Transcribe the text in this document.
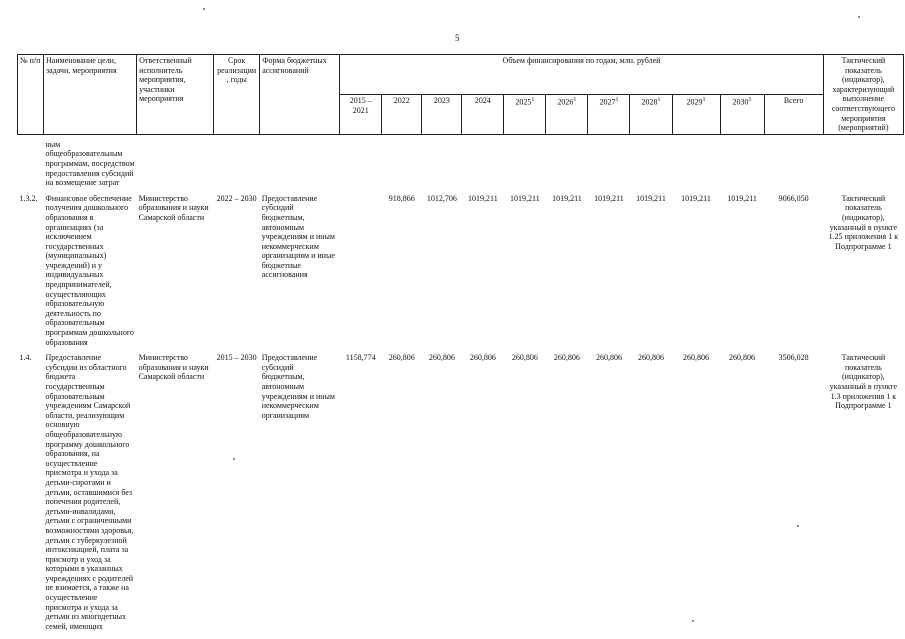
5
№ п/п	Наименование цели, задачи, мероприятия	Ответственный исполнитель мероприятия, участники мероприятия	Срок реализации, годы	Форма бюджетных ассигнований	Объем финансирования по годам, млн. рублей											Тактический показатель (индикатор), характеризующий выполнение соответствующего мероприятия (мероприятий)
					2015 – 2021	2022	2023	2024	2025$^1$	2026$^1$	2027$^1$	2028$^1$	2029$^1$	2030$^1$	Всего	

	ным общеобразовательным программам, посредством предоставления субсидий на возмещение затрат															

1.3.2.	Финансовое обеспечение получения дошкольного образования в организациях (за исключением государственных (муниципальных) учреждений) и у индивидуальных предпринимателей, осуществляющих образовательную деятельность по образовательным программам дошкольного образования	Министерство образования и науки Самарской области	2022 – 2030	Предоставление субсидий бюджетным, автономным учреждениям и иным некоммерческим организациям и иные бюджетные ассигнования		918,866	1012,706	1019,211	1019,211	1019,211	1019,211	1019,211	1019,211	1019,211	9066,050	Тактический показатель (индикатор), указанный в пункте 1.25 приложения 1 к Подпрограмме 1

1.4.	Предоставление субсидии из областного бюджета государственным образовательным учреждениям Самарской области, реализующим основную общеобразовательную программу дошкольного образования, на осуществление присмотра и ухода за детьми-сиротами и детьми, оставшимися без попечения родителей, детьми-инвалидами, детьми с ограниченными возможностями здоровья, детьми с туберкулезной интоксикацией, плата за присмотр и уход за которыми в указанных учреждениях с родителей не взимается, а также на осуществление присмотра и ухода за детьми из многодетных семей, имеющих	Министерство образования и науки Самарской области	2015 – 2030	Предоставление субсидий бюджетным, автономным учреждениям и иным некоммерческим организациям	1158,774	260,806	260,806	260,806	260,806	260,806	260,806	260,806	260,806	260,806	3506,028	Тактический показатель (индикатор), указанный в пункте 1.3 приложения 1 к Подпрограмме 1
